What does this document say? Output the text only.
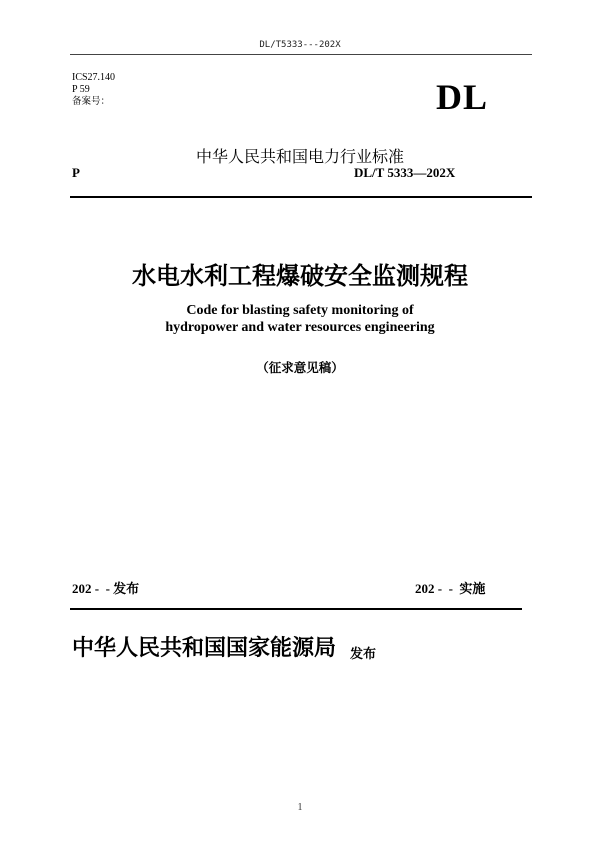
DL/T5333---202X
ICS27.140
P 59
备案号：	DL
中华人民共和国电力行业标准
P	DL/T 5333—202X
水电水利工程爆破安全监测规程
Code for blasting safety monitoring of
hydropower and water resources engineering
（征求意见稿）
202 -  - 发布	202 -  -  实施
中华人民共和国国家能源局 发布
1
